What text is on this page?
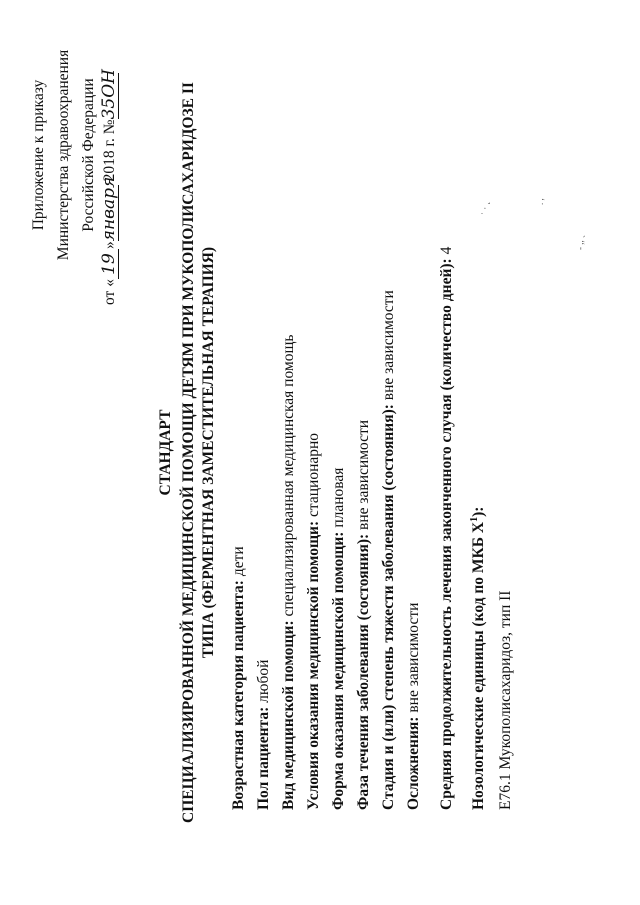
Приложение к приказу Министерства здравоохранения Российской Федерации
от «19»января 2018 г. №35ОН
˙ · ˛	. ,
- ,, ˎ
СТАНДАРТ СПЕЦИАЛИЗИРОВАННОЙ МЕДИЦИНСКОЙ ПОМОЩИ ДЕТЯМ ПРИ МУКОПОЛИСАХАРИДОЗЕ II ТИПА (ФЕРМЕНТНАЯ ЗАМЕСТИТЕЛЬНАЯ ТЕРАПИЯ)
Возрастная категория пациента: дети
Пол пациента: любой Вид медицинской помощи: специализированная медицинская помощь
Условия оказания медицинской помощи: стационарно
Форма оказания медицинской помощи: плановая
Фаза течения заболевания (состояния): вне зависимости Стадия и (или) степень тяжести заболевания (состояния): вне зависимости
Осложнения: вне зависимости Средняя продолжительность лечения законченного случая (количество дней): 4
Нозологические единицы (код по МКБ $X^1$):
E76.1 Мукополисахаридоз, тип II
